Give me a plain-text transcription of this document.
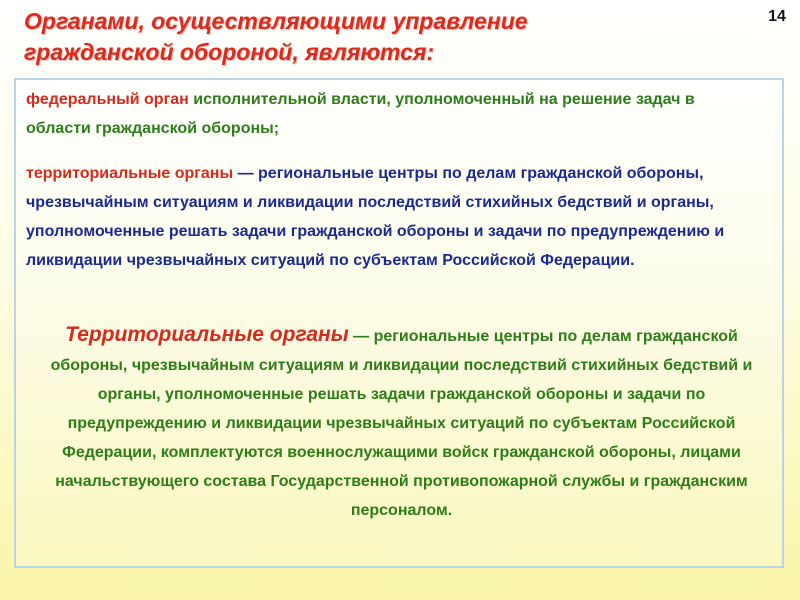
Органами, осуществляющими управление гражданской обороной, являются:
14

федеральный орган исполнительной власти, уполномоченный на решение задач в области гражданской обороны;

территориальные органы — региональные центры по делам гражданской обороны, чрезвычайным ситуациям и ликвидации последствий стихийных бедствий и органы, уполномоченные решать задачи гражданской обороны и задачи по предупреждению и ликвидации чрезвычайных ситуаций по субъектам Российской Федерации.

Территориальные органы — региональные центры по делам гражданской обороны, чрезвычайным ситуациям и ликвидации последствий стихийных бедствий и органы, уполномоченные решать задачи гражданской обороны и задачи по предупреждению и ликвидации чрезвычайных ситуаций по субъектам Российской Федерации, комплектуются военнослужащими войск гражданской обороны, лицами начальствующего состава Государственной противопожарной службы и гражданским персоналом.
